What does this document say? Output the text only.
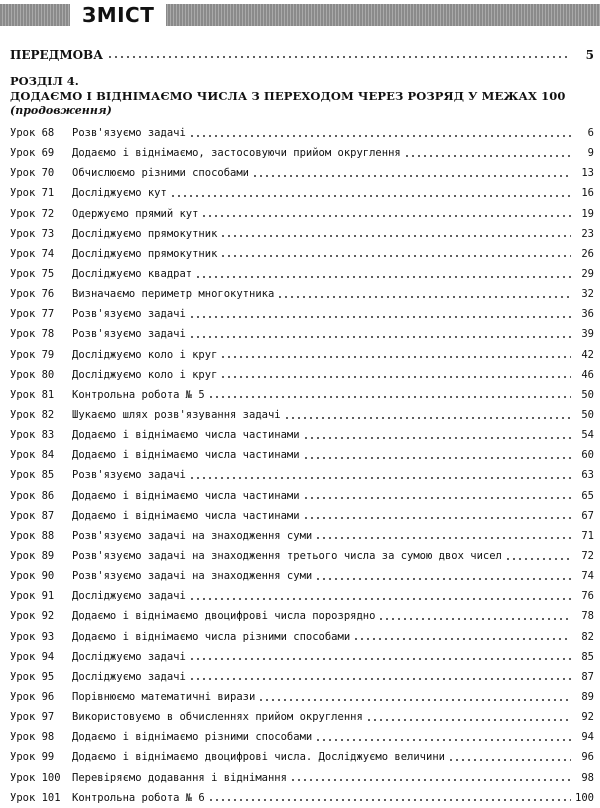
ЗМІСТ
ПЕРЕДМОВА	5
РОЗДІЛ 4.
ДОДАЄМО І ВІДНІМАЄМО ЧИСЛА З ПЕРЕХОДОМ ЧЕРЕЗ РОЗРЯД У МЕЖАХ 100
(продовження)
Урок 68	Розв'язуємо задачі	6
Урок 69	Додаємо і віднімаємо, застосовуючи прийом округлення	9
Урок 70	Обчислюємо різними способами	13
Урок 71	Досліджуємо кут	16
Урок 72	Одержуємо прямий кут	19
Урок 73	Досліджуємо прямокутник	23
Урок 74	Досліджуємо прямокутник	26
Урок 75	Досліджуємо квадрат	29
Урок 76	Визначаємо периметр многокутника	32
Урок 77	Розв'язуємо задачі	36
Урок 78	Розв'язуємо задачі	39
Урок 79	Досліджуємо коло і круг	42
Урок 80	Досліджуємо коло і круг	46
Урок 81	Контрольна робота № 5	50
Урок 82	Шукаємо шлях розв'язування задачі	50
Урок 83	Додаємо і віднімаємо числа частинами	54
Урок 84	Додаємо і віднімаємо числа частинами	60
Урок 85	Розв'язуємо задачі	63
Урок 86	Додаємо і віднімаємо числа частинами	65
Урок 87	Додаємо і віднімаємо числа частинами	67
Урок 88	Розв'язуємо задачі на знаходження суми	71
Урок 89	Розв'язуємо задачі на знаходження третього числа за сумою двох чисел	72
Урок 90	Розв'язуємо задачі на знаходження суми	74
Урок 91	Досліджуємо задачі	76
Урок 92	Додаємо і віднімаємо двоцифрові числа порозрядно	78
Урок 93	Додаємо і віднімаємо числа різними способами	82
Урок 94	Досліджуємо задачі	85
Урок 95	Досліджуємо задачі	87
Урок 96	Порівнюємо математичні вирази	89
Урок 97	Використовуємо в обчисленнях прийом округлення	92
Урок 98	Додаємо і віднімаємо різними способами	94
Урок 99	Додаємо і віднімаємо двоцифрові числа. Досліджуємо величини	96
Урок 100	Перевіряємо додавання і віднімання	98
Урок 101	Контрольна робота № 6	100
